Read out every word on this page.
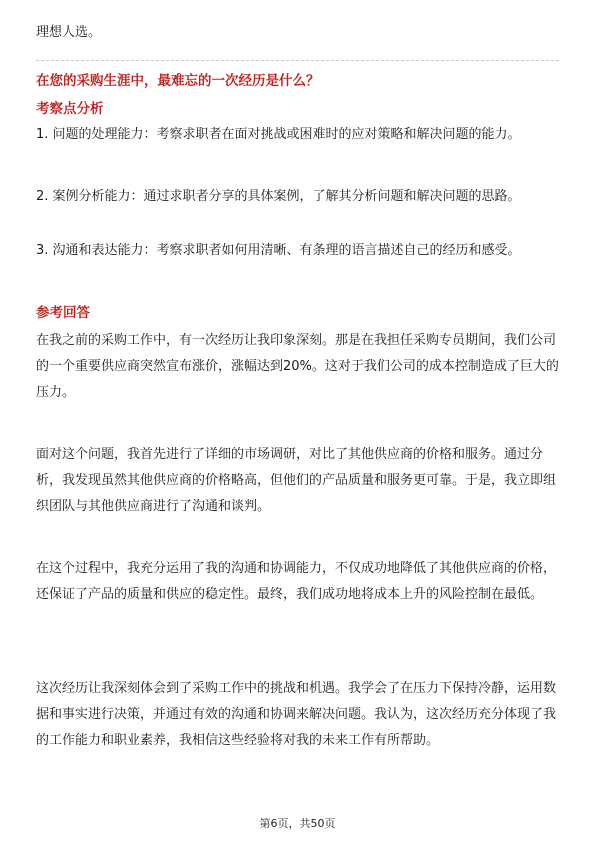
理想人选。

在您的采购生涯中，最难忘的一次经历是什么？

考察点分析

1. 问题的处理能力：考察求职者在面对挑战或困难时的应对策略和解决问题的能力。

2. 案例分析能力：通过求职者分享的具体案例，了解其分析问题和解决问题的思路。

3. 沟通和表达能力：考察求职者如何用清晰、有条理的语言描述自己的经历和感受。

参考回答

在我之前的采购工作中，有一次经历让我印象深刻。那是在我担任采购专员期间，我们公司的一个重要供应商突然宣布涨价，涨幅达到20%。这对于我们公司的成本控制造成了巨大的压力。

面对这个问题，我首先进行了详细的市场调研，对比了其他供应商的价格和服务。通过分析，我发现虽然其他供应商的价格略高，但他们的产品质量和服务更可靠。于是，我立即组织团队与其他供应商进行了沟通和谈判。

在这个过程中，我充分运用了我的沟通和协调能力，不仅成功地降低了其他供应商的价格，还保证了产品的质量和供应的稳定性。最终，我们成功地将成本上升的风险控制在最低。

这次经历让我深刻体会到了采购工作中的挑战和机遇。我学会了在压力下保持冷静，运用数据和事实进行决策，并通过有效的沟通和协调来解决问题。我认为，这次经历充分体现了我的工作能力和职业素养，我相信这些经验将对我的未来工作有所帮助。

第6页，共50页
